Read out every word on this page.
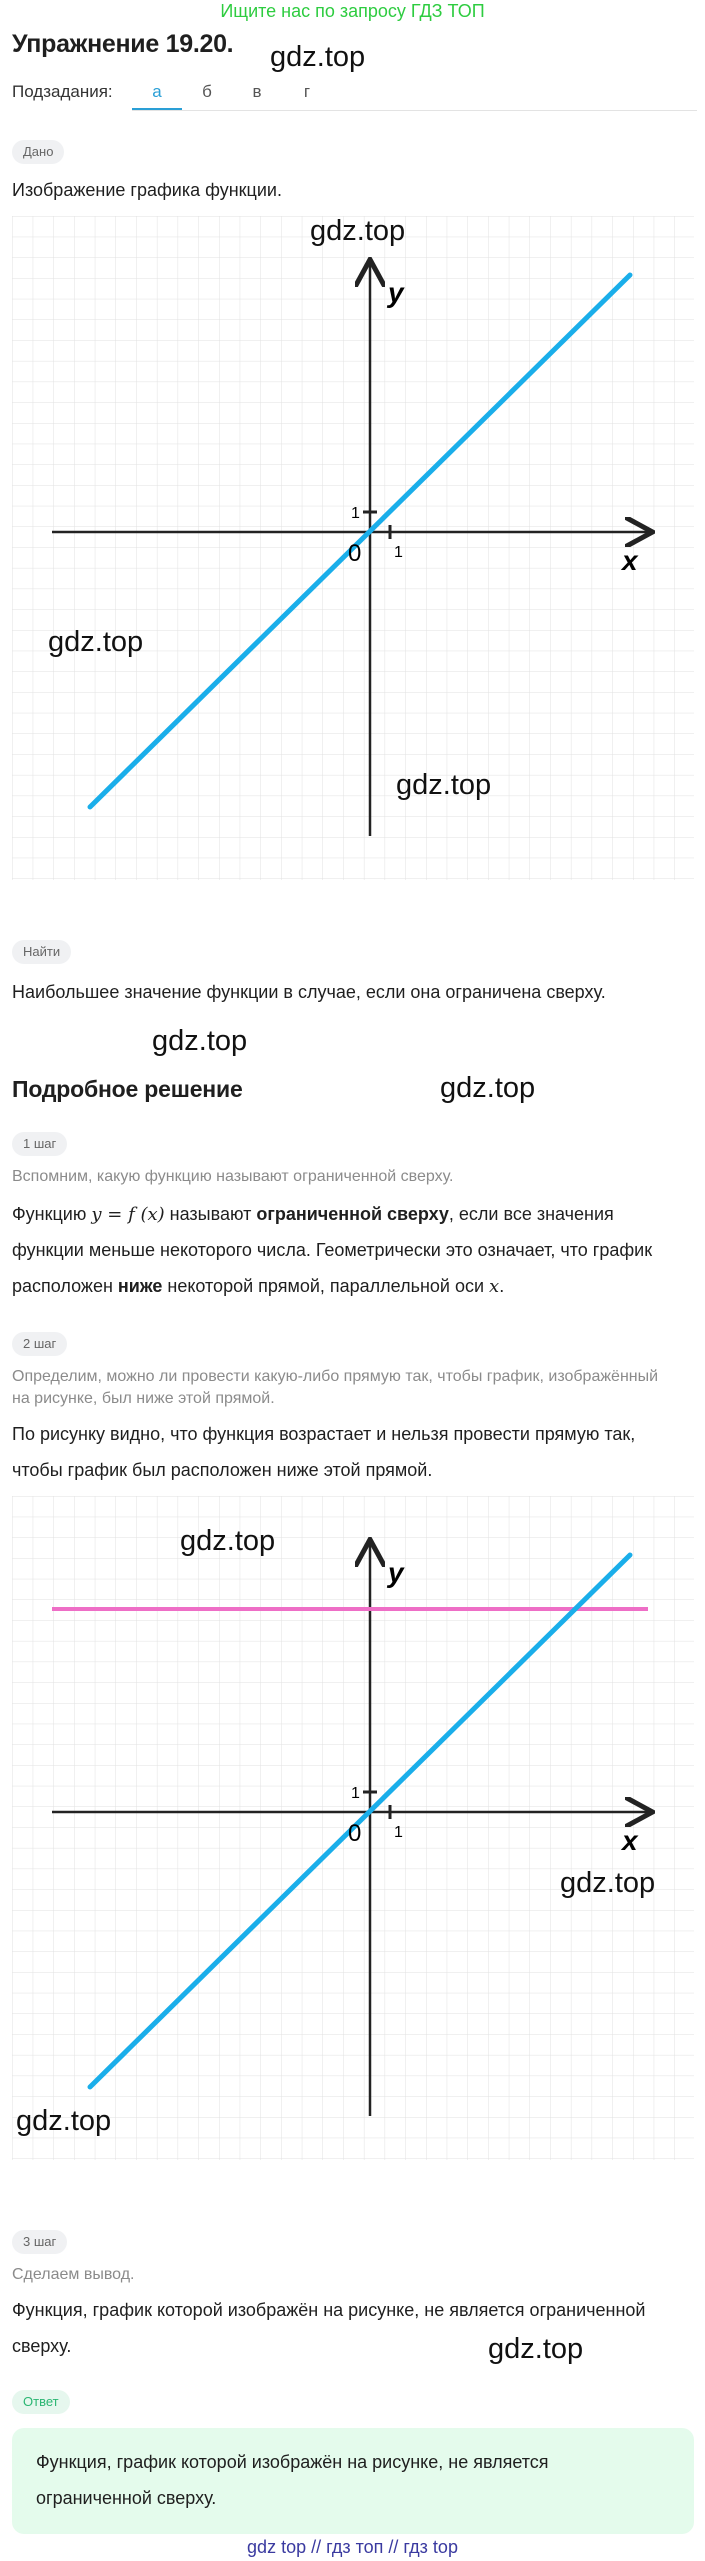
Ищите нас по запросу ГДЗ ТОП
Упражнение 19.20. gdz.top
Подзадания:	а	б	в	г
Дано
Изображение графика функции.
1
1
0	x
y
gdz.top
gdz.top
gdz.top
Найти
Наибольшее значение функции в случае, если она ограничена сверху.
gdz.top
Подробное решение	gdz.top
1 шаг
Вспомним, какую функцию называют ограниченной сверху.
Функцию y = f (x) называют ограниченной сверху, если все значения
функции меньше некоторого числа. Геометрически это означает, что график
расположен ниже некоторой прямой, параллельной оси x.
2 шаг
Определим, можно ли провести какую-либо прямую так, чтобы график, изображённый
на рисунке, был ниже этой прямой.
По рисунку видно, что функция возрастает и нельзя провести прямую так,
чтобы график был расположен ниже этой прямой.
1
1
0	x
y
gdz.top
gdz.top
gdz.top
3 шаг
Сделаем вывод.
Функция, график которой изображён на рисунке, не является ограниченной
сверху.	gdz.top
Ответ
Функция, график которой изображён на рисунке, не является
ограниченной сверху.
gdz top // гдз топ // гдз top
